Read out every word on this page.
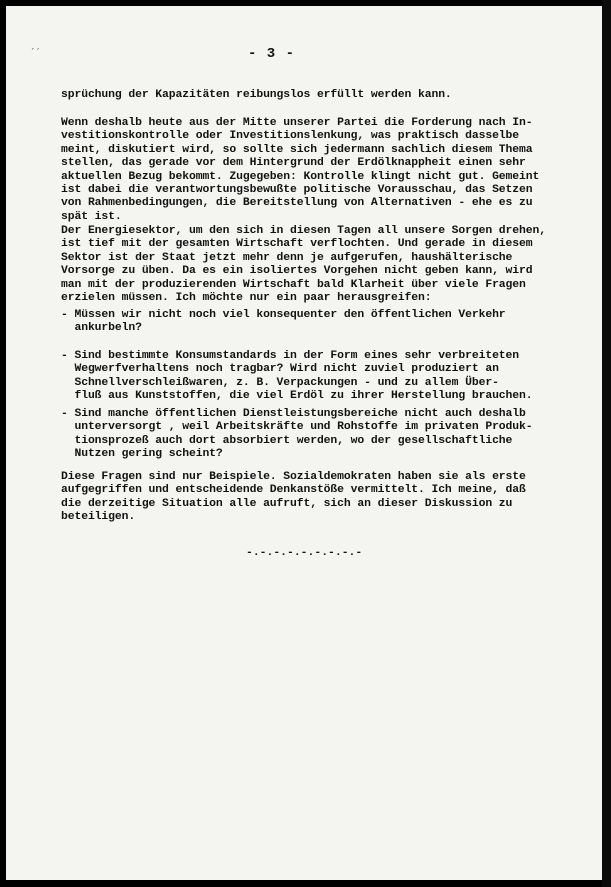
´´	- 3 -
sprüchung der Kapazitäten reibungslos erfüllt werden kann.
Wenn deshalb heute aus der Mitte unserer Partei die Forderung nach In-
vestitionskontrolle oder Investitionslenkung, was praktisch dasselbe
meint, diskutiert wird, so sollte sich jedermann sachlich diesem Thema
stellen, das gerade vor dem Hintergrund der Erdölknappheit einen sehr
aktuellen Bezug bekommt. Zugegeben: Kontrolle klingt nicht gut. Gemeint
ist dabei die verantwortungsbewußte politische Vorausschau, das Setzen
von Rahmenbedingungen, die Bereitstellung von Alternativen - ehe es zu
spät ist.
Der Energiesektor, um den sich in diesen Tagen all unsere Sorgen drehen,
ist tief mit der gesamten Wirtschaft verflochten. Und gerade in diesem
Sektor ist der Staat jetzt mehr denn je aufgerufen, haushälterische
Vorsorge zu üben. Da es ein isoliertes Vorgehen nicht geben kann, wird
man mit der produzierenden Wirtschaft bald Klarheit über viele Fragen
erzielen müssen. Ich möchte nur ein paar herausgreifen:
- Müssen wir nicht noch viel konsequenter den öffentlichen Verkehr
ankurbeln?
- Sind bestimmte Konsumstandards in der Form eines sehr verbreiteten
Wegwerfverhaltens noch tragbar? Wird nicht zuviel produziert an
Schnellverschleißwaren, z. B. Verpackungen - und zu allem Über-
fluß aus Kunststoffen, die viel Erdöl zu ihrer Herstellung brauchen.
- Sind manche öffentlichen Dienstleistungsbereiche nicht auch deshalb
unterversorgt , weil Arbeitskräfte und Rohstoffe im privaten Produk-
tionsprozeß auch dort absorbiert werden, wo der gesellschaftliche
Nutzen gering scheint?
Diese Fragen sind nur Beispiele. Sozialdemokraten haben sie als erste
aufgegriffen und entscheidende Denkanstöße vermittelt. Ich meine, daß
die derzeitige Situation alle aufruft, sich an dieser Diskussion zu
beteiligen.
-.-.-.-.-.-.-.-.-
